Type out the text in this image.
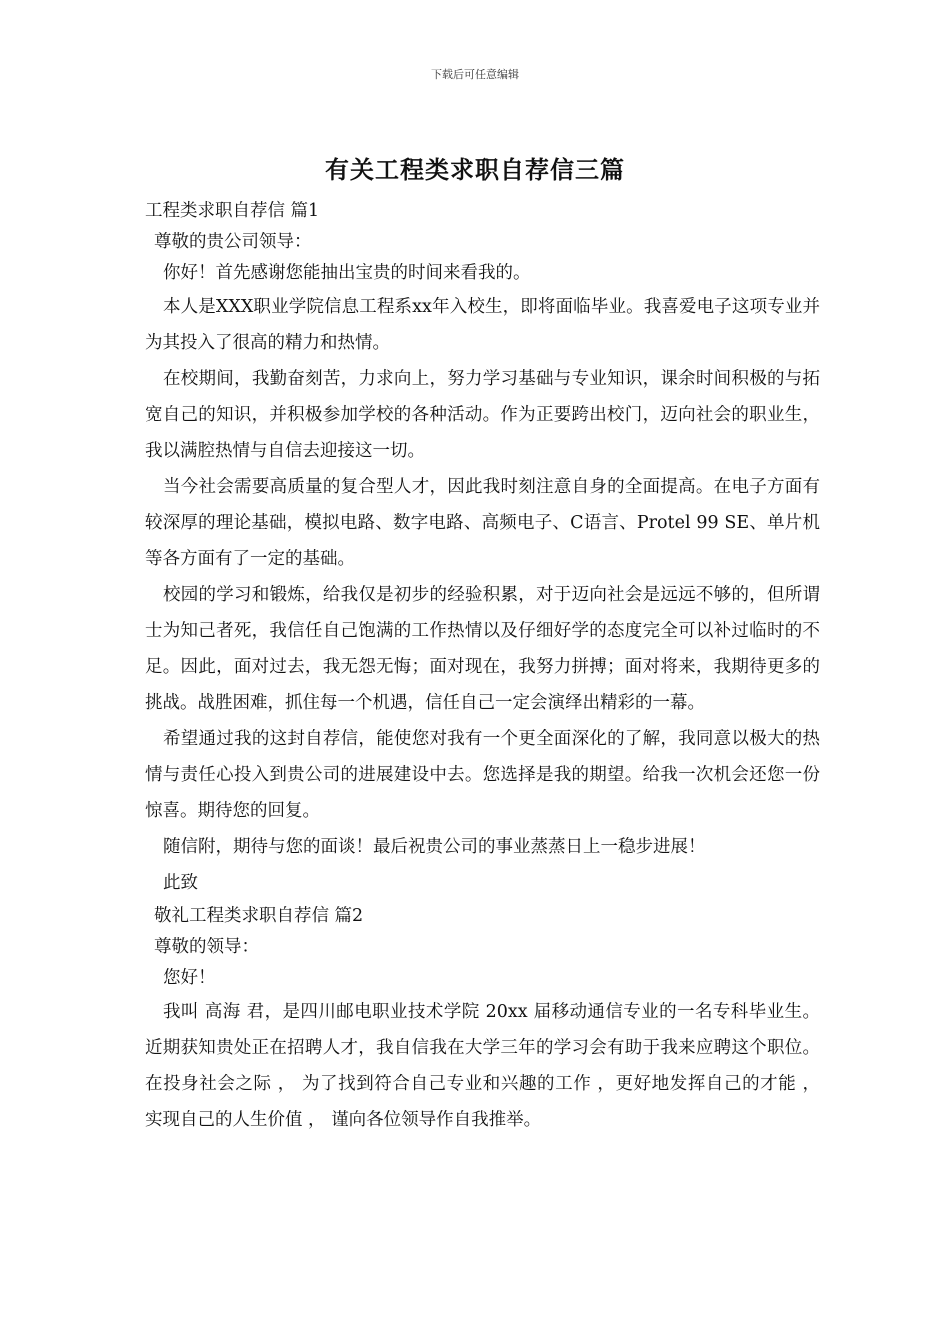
下载后可任意编辑
有关工程类求职自荐信三篇
工程类求职自荐信 篇1
尊敬的贵公司领导：
你好！首先感谢您能抽出宝贵的时间来看我的。
本人是XXX职业学院信息工程系xx年入校生，即将面临毕业。我喜爱电子这项专业并为其投入了很高的精力和热情。
在校期间，我勤奋刻苦，力求向上，努力学习基础与专业知识，课余时间积极的与拓宽自己的知识，并积极参加学校的各种活动。作为正要跨出校门，迈向社会的职业生，我以满腔热情与自信去迎接这一切。
当今社会需要高质量的复合型人才，因此我时刻注意自身的全面提高。在电子方面有较深厚的理论基础，模拟电路、数字电路、高频电子、C语言、Protel 99 SE、单片机等各方面有了一定的基础。
校园的学习和锻炼，给我仅是初步的经验积累，对于迈向社会是远远不够的，但所谓士为知己者死，我信任自己饱满的工作热情以及仔细好学的态度完全可以补过临时的不足。因此，面对过去，我无怨无悔；面对现在，我努力拼搏；面对将来，我期待更多的挑战。战胜困难，抓住每一个机遇，信任自己一定会演绎出精彩的一幕。
希望通过我的这封自荐信，能使您对我有一个更全面深化的了解，我同意以极大的热情与责任心投入到贵公司的进展建设中去。您选择是我的期望。给我一次机会还您一份惊喜。期待您的回复。
随信附，期待与您的面谈！最后祝贵公司的事业蒸蒸日上一稳步进展！
此致
敬礼工程类求职自荐信 篇2
尊敬的领导：
您好！
我叫 高海 君，是四川邮电职业技术学院 20xx 届移动通信专业的一名专科毕业生。近期获知贵处正在招聘人才，我自信我在大学三年的学习会有助于我来应聘这个职位。在投身社会之际 ， 为了找到符合自己专业和兴趣的工作 ，更好地发挥自己的才能 ， 实现自己的人生价值 ， 谨向各位领导作自我推举。
